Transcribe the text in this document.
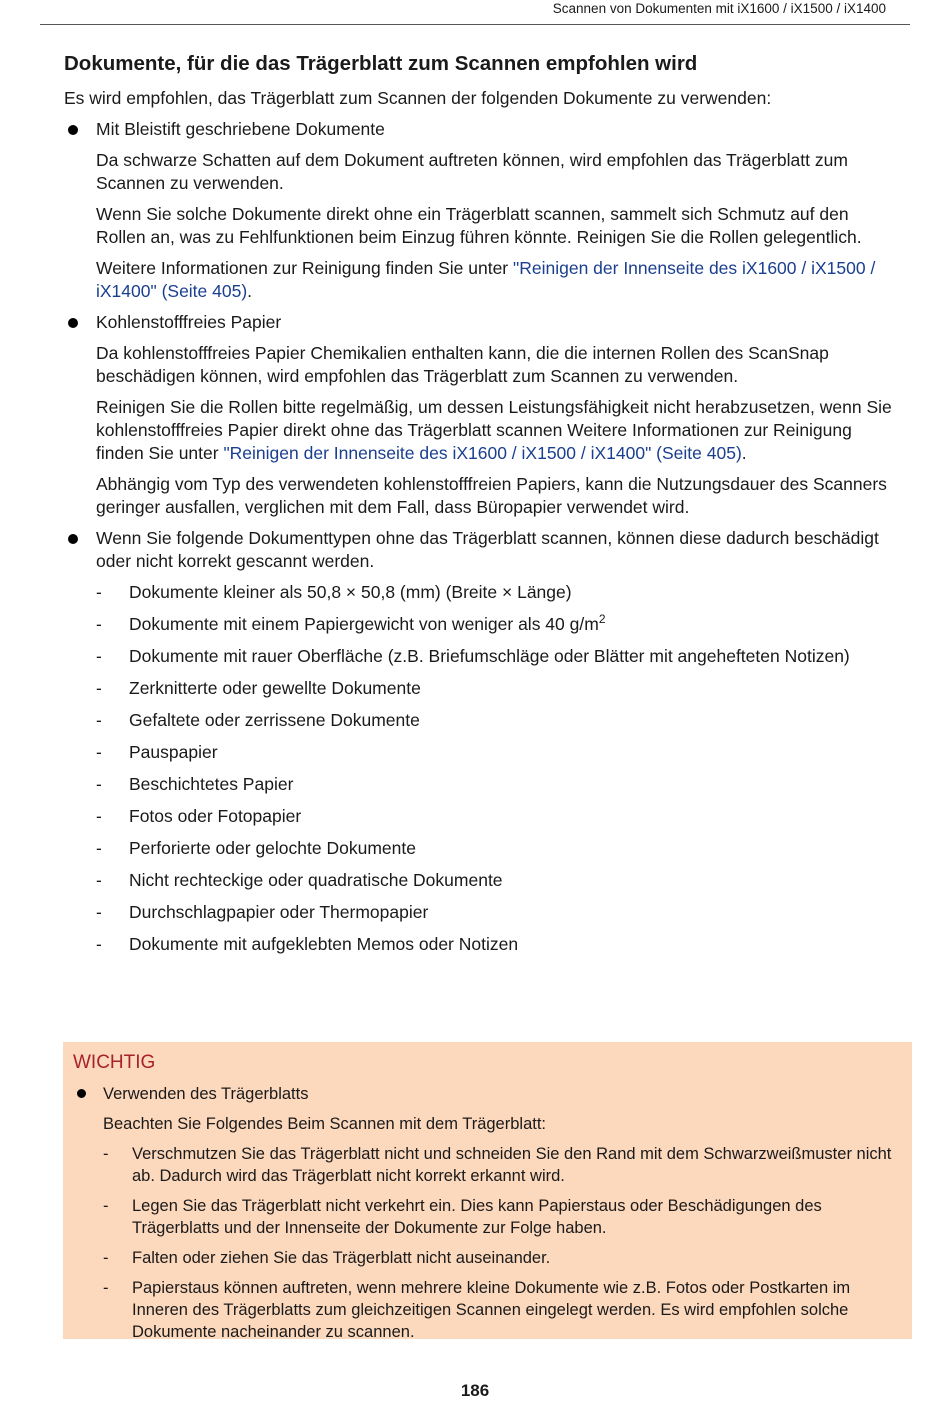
Scannen von Dokumenten mit iX1600 / iX1500 / iX1400
Dokumente, für die das Trägerblatt zum Scannen empfohlen wird

Es wird empfohlen, das Trägerblatt zum Scannen der folgenden Dokumente zu verwenden:

Mit Bleistift geschriebene Dokumente

Da schwarze Schatten auf dem Dokument auftreten können, wird empfohlen das Trägerblatt zum Scannen zu verwenden.

Wenn Sie solche Dokumente direkt ohne ein Trägerblatt scannen, sammelt sich Schmutz auf den Rollen an, was zu Fehlfunktionen beim Einzug führen könnte. Reinigen Sie die Rollen gelegentlich.

Weitere Informationen zur Reinigung finden Sie unter "Reinigen der Innenseite des iX1600 / iX1500 / iX1400" (Seite 405).

Kohlenstofffreies Papier

Da kohlenstofffreies Papier Chemikalien enthalten kann, die die internen Rollen des ScanSnap beschädigen können, wird empfohlen das Trägerblatt zum Scannen zu verwenden.

Reinigen Sie die Rollen bitte regelmäßig, um dessen Leistungsfähigkeit nicht herabzusetzen, wenn Sie kohlenstofffreies Papier direkt ohne das Trägerblatt scannen Weitere Informationen zur Reinigung finden Sie unter "Reinigen der Innenseite des iX1600 / iX1500 / iX1400" (Seite 405).

Abhängig vom Typ des verwendeten kohlenstofffreien Papiers, kann die Nutzungsdauer des Scanners geringer ausfallen, verglichen mit dem Fall, dass Büropapier verwendet wird.

Wenn Sie folgende Dokumenttypen ohne das Trägerblatt scannen, können diese dadurch beschädigt oder nicht korrekt gescannt werden.

- Dokumente kleiner als 50,8 × 50,8 (mm) (Breite × Länge)

- Dokumente mit einem Papiergewicht von weniger als 40 $g/m^2$

- Dokumente mit rauer Oberfläche (z.B. Briefumschläge oder Blätter mit angehefteten Notizen)

- Zerknitterte oder gewellte Dokumente

- Gefaltete oder zerrissene Dokumente

- Pauspapier

- Beschichtetes Papier

- Fotos oder Fotopapier

- Perforierte oder gelochte Dokumente

- Nicht rechteckige oder quadratische Dokumente

- Durchschlagpapier oder Thermopapier

- Dokumente mit aufgeklebten Memos oder Notizen

WICHTIG

Verwenden des Trägerblatts

Beachten Sie Folgendes Beim Scannen mit dem Trägerblatt:

- Verschmutzen Sie das Trägerblatt nicht und schneiden Sie den Rand mit dem Schwarzweißmuster nicht ab. Dadurch wird das Trägerblatt nicht korrekt erkannt wird.

- Legen Sie das Trägerblatt nicht verkehrt ein. Dies kann Papierstaus oder Beschädigungen des Trägerblatts und der Innenseite der Dokumente zur Folge haben.

- Falten oder ziehen Sie das Trägerblatt nicht auseinander.

- Papierstaus können auftreten, wenn mehrere kleine Dokumente wie z.B. Fotos oder Postkarten im Inneren des Trägerblatts zum gleichzeitigen Scannen eingelegt werden. Es wird empfohlen solche Dokumente nacheinander zu scannen.

186
